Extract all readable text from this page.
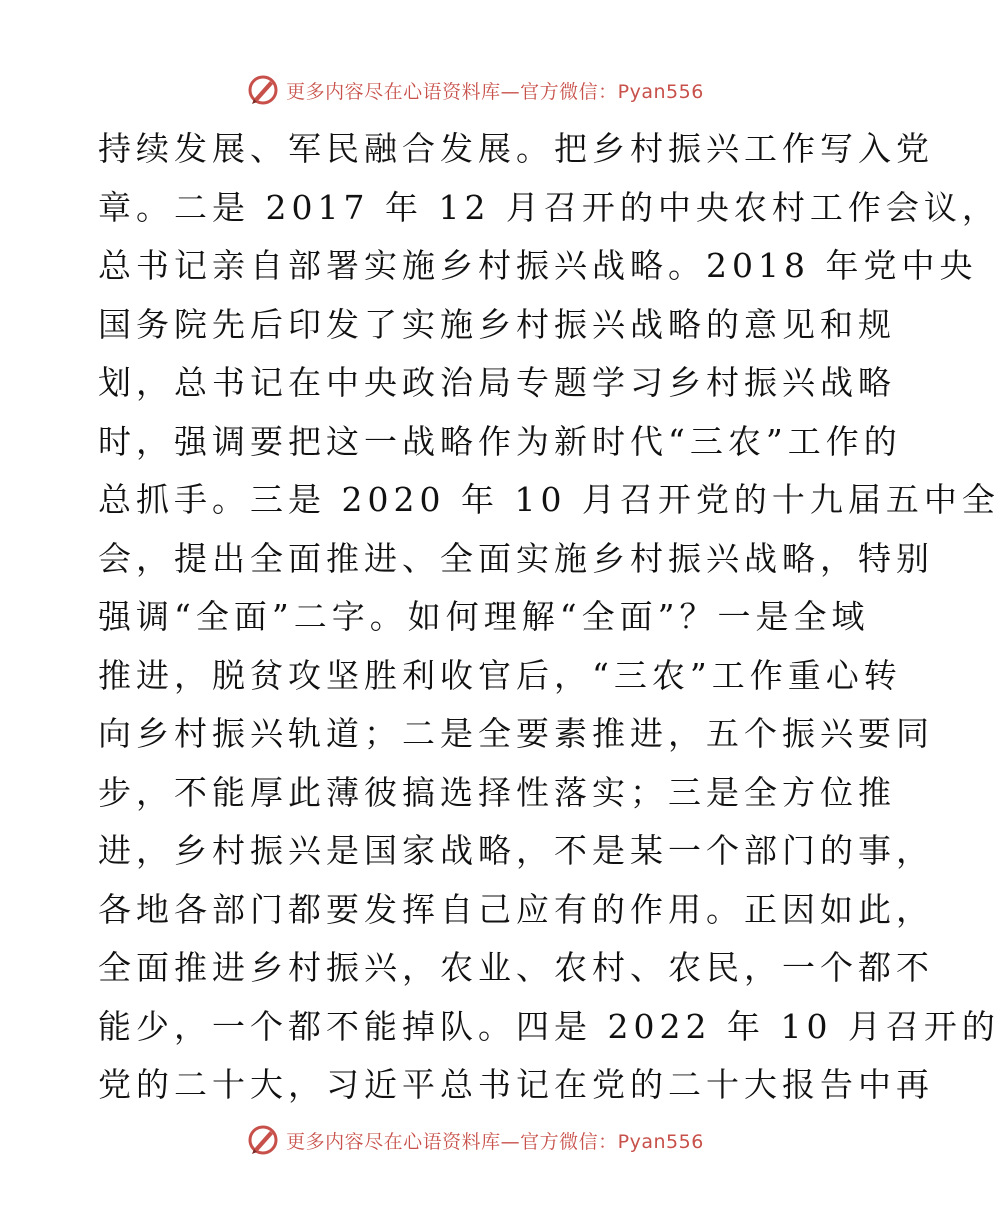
更多内容尽在心语资料库—官方微信：Pyan556
持续发展、军民融合发展。把乡村振兴工作写入党
章。二是 2017 年 12 月召开的中央农村工作会议，
总书记亲自部署实施乡村振兴战略。2018 年党中央
国务院先后印发了实施乡村振兴战略的意见和规
划，总书记在中央政治局专题学习乡村振兴战略
时，强调要把这一战略作为新时代“三农”工作的
总抓手。三是 2020 年 10 月召开党的十九届五中全
会，提出全面推进、全面实施乡村振兴战略，特别
强调“全面”二字。如何理解“全面”？一是全域
推进，脱贫攻坚胜利收官后，“三农”工作重心转
向乡村振兴轨道；二是全要素推进，五个振兴要同
步，不能厚此薄彼搞选择性落实；三是全方位推
进，乡村振兴是国家战略，不是某一个部门的事，
各地各部门都要发挥自己应有的作用。正因如此，
全面推进乡村振兴，农业、农村、农民，一个都不
能少，一个都不能掉队。四是 2022 年 10 月召开的
党的二十大，习近平总书记在党的二十大报告中再
更多内容尽在心语资料库—官方微信：Pyan556
